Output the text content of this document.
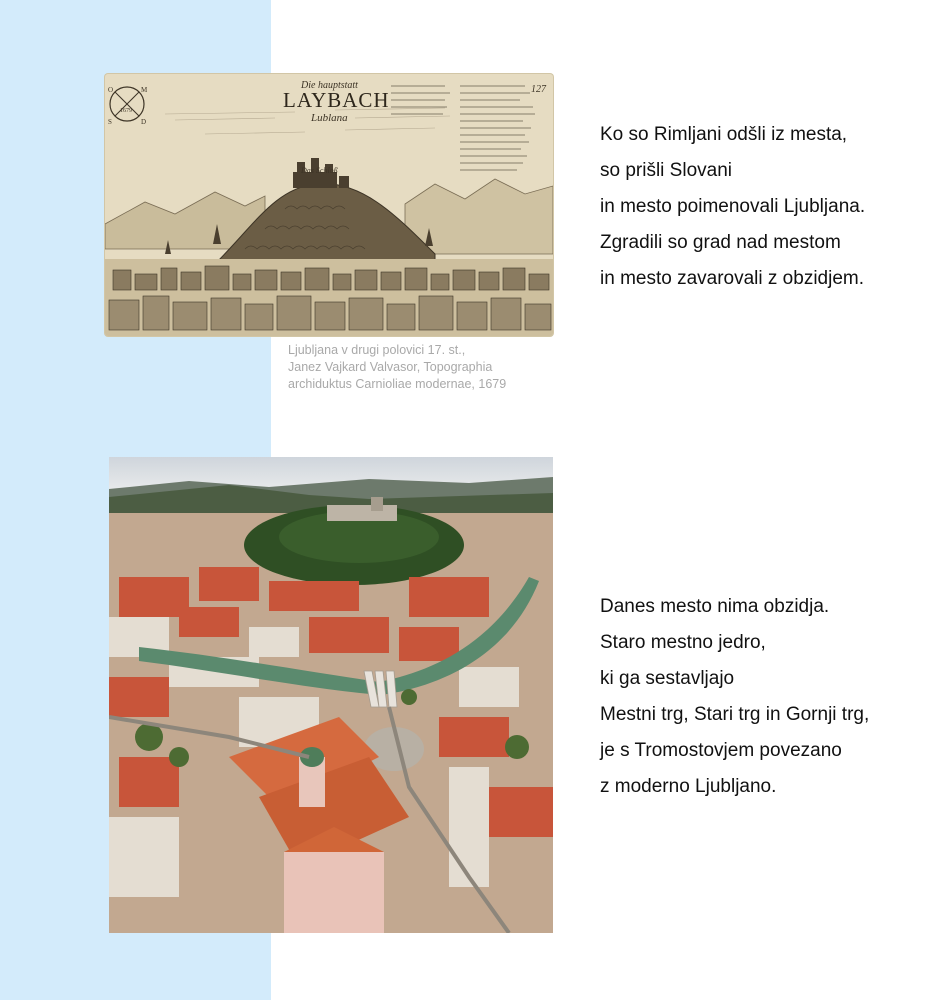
Die hauptstatt
LAYBACH
Lublana
127
Das Schloß
O	M
S	D
1679
Ljubljana v drugi polovici 17. st.,
Janez Vajkard Valvasor, Topographia
archiduktus Carnioliae modernae, 1679
Ko so Rimljani odšli iz mesta,
so prišli Slovani
in mesto poimenovali Ljubljana.
Zgradili so grad nad mestom
in mesto zavarovali z obzidjem.
Danes mesto nima obzidja.
Staro mestno jedro,
ki ga sestavljajo
Mestni trg, Stari trg in Gornji trg,
je s Tromostovjem povezano
z moderno Ljubljano.
